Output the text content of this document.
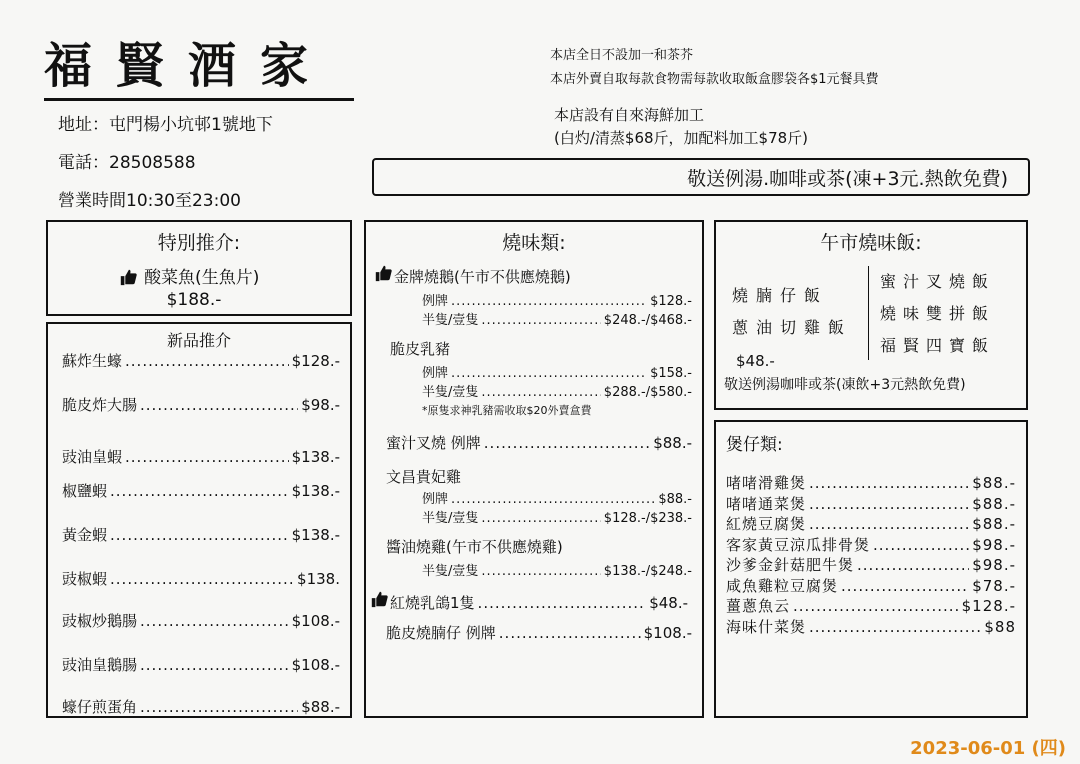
福賢酒家
地址：屯門楊小坑邨1號地下
電話：28508588
營業時間10:30至23:00
本店全日不設加一和茶芥
本店外賣自取每款食物需每款收取飯盒膠袋各$1元餐具費
本店設有自來海鮮加工
(白灼/清蒸$68斤，加配料加工$78斤)
敬送例湯.咖啡或茶(凍+3元.熱飲免費)
特別推介:
酸菜魚(生魚片)
$188.-
新品推介
蘇炸生蠔 .....	$128.-
脆皮炸大腸 .....	$98.-
豉油皇蝦 .....	$138.-
椒鹽蝦 .....	$138.-
黃金蝦 .....	$138.-
豉椒蝦 .....	$138.
豉椒炒鵝腸 .....	$108.-
豉油皇鵝腸 .....	$108.-
蠔仔煎蛋角 .....	$88.-
燒味類:
金牌燒鵝(午市不供應燒鵝)
例牌 .....	$128.-
半隻/壹隻 .....	$248.-/$468.-
脆皮乳豬
例牌 .....	$158.-
半隻/壹隻 .....	$288.-/$580.-
*原隻求神乳豬需收取$20外賣盒費
蜜汁叉燒 例牌 .....	$88.-
文昌貴妃雞
例牌 .....	$88.-
半隻/壹隻 .....	$128.-/$238.-
醬油燒雞(午市不供應燒雞)
半隻/壹隻 .....	$138.-/$248.-
紅燒乳鴿1隻 .....	$48.-
脆皮燒腩仔 例牌 .....	$108.-
午市燒味飯:
燒腩仔飯
蔥油切雞飯
蜜汁叉燒飯
燒味雙拼飯
福賢四寶飯
$48.-
敬送例湯咖啡或茶(凍飲+3元熱飲免費)
煲仔類:
啫啫滑雞煲 .....	$88.-
啫啫通菜煲 .....	$88.-
紅燒豆腐煲 .....	$88.-
客家黃豆涼瓜排骨煲 .....	$98.-
沙爹金針菇肥牛煲 .....	$98.-
咸魚雞粒豆腐煲 .....	$78.-
薑蔥魚云 .....	$128.-
海味什菜煲 .....	$88
2023-06-01 (四)
